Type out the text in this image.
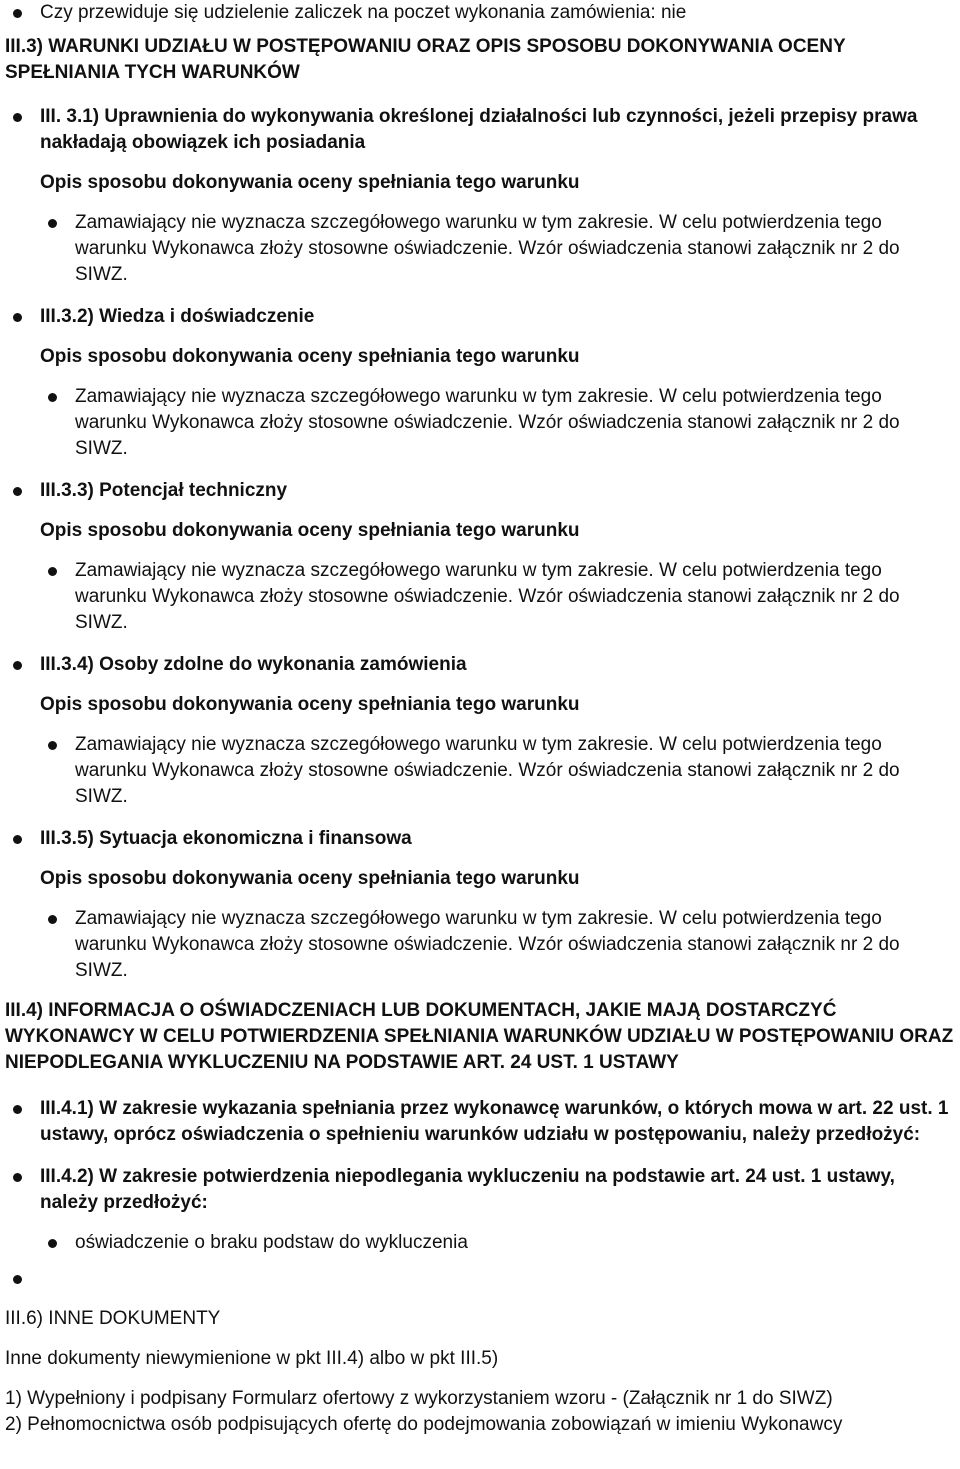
Czy przewiduje się udzielenie zaliczek na poczet wykonania zamówienia: nie
III.3) WARUNKI UDZIAŁU W POSTĘPOWANIU ORAZ OPIS SPOSOBU DOKONYWANIA OCENY SPEŁNIANIA TYCH WARUNKÓW
III. 3.1) Uprawnienia do wykonywania określonej działalności lub czynności, jeżeli przepisy prawa nakładają obowiązek ich posiadania
Opis sposobu dokonywania oceny spełniania tego warunku
Zamawiający nie wyznacza szczegółowego warunku w tym zakresie. W celu potwierdzenia tego warunku Wykonawca złoży stosowne oświadczenie. Wzór oświadczenia stanowi załącznik nr 2 do SIWZ.
III.3.2) Wiedza i doświadczenie
Opis sposobu dokonywania oceny spełniania tego warunku
Zamawiający nie wyznacza szczegółowego warunku w tym zakresie. W celu potwierdzenia tego warunku Wykonawca złoży stosowne oświadczenie. Wzór oświadczenia stanowi załącznik nr 2 do SIWZ.
III.3.3) Potencjał techniczny
Opis sposobu dokonywania oceny spełniania tego warunku
Zamawiający nie wyznacza szczegółowego warunku w tym zakresie. W celu potwierdzenia tego warunku Wykonawca złoży stosowne oświadczenie. Wzór oświadczenia stanowi załącznik nr 2 do SIWZ.
III.3.4) Osoby zdolne do wykonania zamówienia
Opis sposobu dokonywania oceny spełniania tego warunku
Zamawiający nie wyznacza szczegółowego warunku w tym zakresie. W celu potwierdzenia tego warunku Wykonawca złoży stosowne oświadczenie. Wzór oświadczenia stanowi załącznik nr 2 do SIWZ.
III.3.5) Sytuacja ekonomiczna i finansowa
Opis sposobu dokonywania oceny spełniania tego warunku
Zamawiający nie wyznacza szczegółowego warunku w tym zakresie. W celu potwierdzenia tego warunku Wykonawca złoży stosowne oświadczenie. Wzór oświadczenia stanowi załącznik nr 2 do SIWZ.
III.4) INFORMACJA O OŚWIADCZENIACH LUB DOKUMENTACH, JAKIE MAJĄ DOSTARCZYĆ WYKONAWCY W CELU POTWIERDZENIA SPEŁNIANIA WARUNKÓW UDZIAŁU W POSTĘPOWANIU ORAZ NIEPODLEGANIA WYKLUCZENIU NA PODSTAWIE ART. 24 UST. 1 USTAWY
III.4.1) W zakresie wykazania spełniania przez wykonawcę warunków, o których mowa w art. 22 ust. 1 ustawy, oprócz oświadczenia o spełnieniu warunków udziału w postępowaniu, należy przedłożyć:
III.4.2) W zakresie potwierdzenia niepodlegania wykluczeniu na podstawie art. 24 ust. 1 ustawy, należy przedłożyć:
oświadczenie o braku podstaw do wykluczenia
III.6) INNE DOKUMENTY
Inne dokumenty niewymienione w pkt III.4) albo w pkt III.5)
1) Wypełniony i podpisany Formularz ofertowy z wykorzystaniem wzoru - (Załącznik nr 1 do SIWZ)
2) Pełnomocnictwa osób podpisujących ofertę do podejmowania zobowiązań w imieniu Wykonawcy
